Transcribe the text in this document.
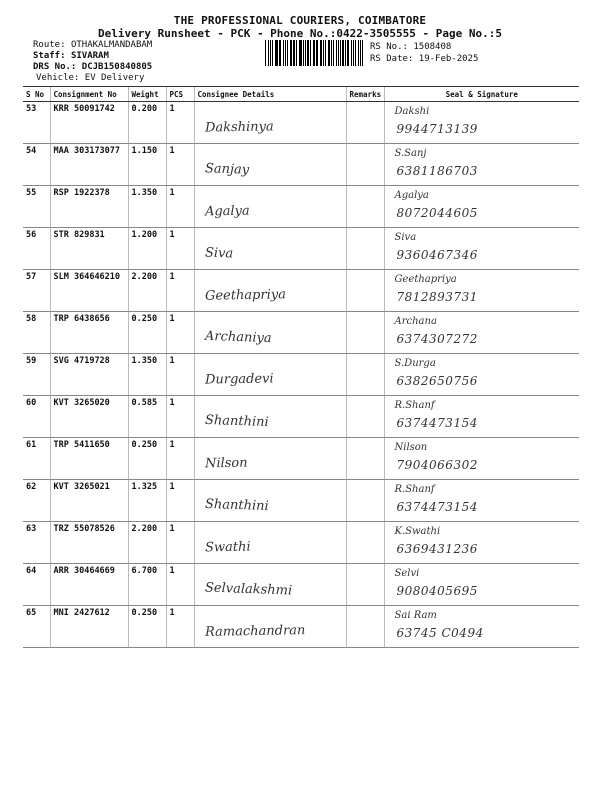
THE PROFESSIONAL COURIERS, COIMBATORE
Delivery Runsheet - PCK - Phone No.:0422-3505555 - Page No.:5
Route: OTHAKALMANDABAM
Staff: SIVARAM
DRS No.: DCJB150840805
Vehicle: EV Delivery
RS No.: 1508408
RS Date: 19-Feb-2025
S No	Consignment No	Weight	PCS	Consignee Details	Remarks	Seal & Signature
53	KRR 50091742	0.200	1	Dakshinya		Dakshi
9944713139

54	MAA 303173077	1.150	1	Sanjay		S.Sanj
6381186703

55	RSP 1922378	1.350	1	Agalya		Agalya
8072044605

56	STR 829831	1.200	1	Siva		Siva
9360467346

57	SLM 364646210	2.200	1	Geethapriya		Geethapriya
7812893731

58	TRP 6438656	0.250	1	Archaniya		Archana
6374307272

59	SVG 4719728	1.350	1	Durgadevi		S.Durga
6382650756

60	KVT 3265020	0.585	1	Shanthini		R.Shanf
6374473154

61	TRP 5411650	0.250	1	Nilson		Nilson
7904066302

62	KVT 3265021	1.325	1	Shanthini		R.Shanf
6374473154

63	TRZ 55078526	2.200	1	Swathi		K.Swathi
6369431236

64	ARR 30464669	6.700	1	Selvalakshmi		Selvi
9080405695

65	MNI 2427612	0.250	1	Ramachandran		Sai Ram
63745 C0494
